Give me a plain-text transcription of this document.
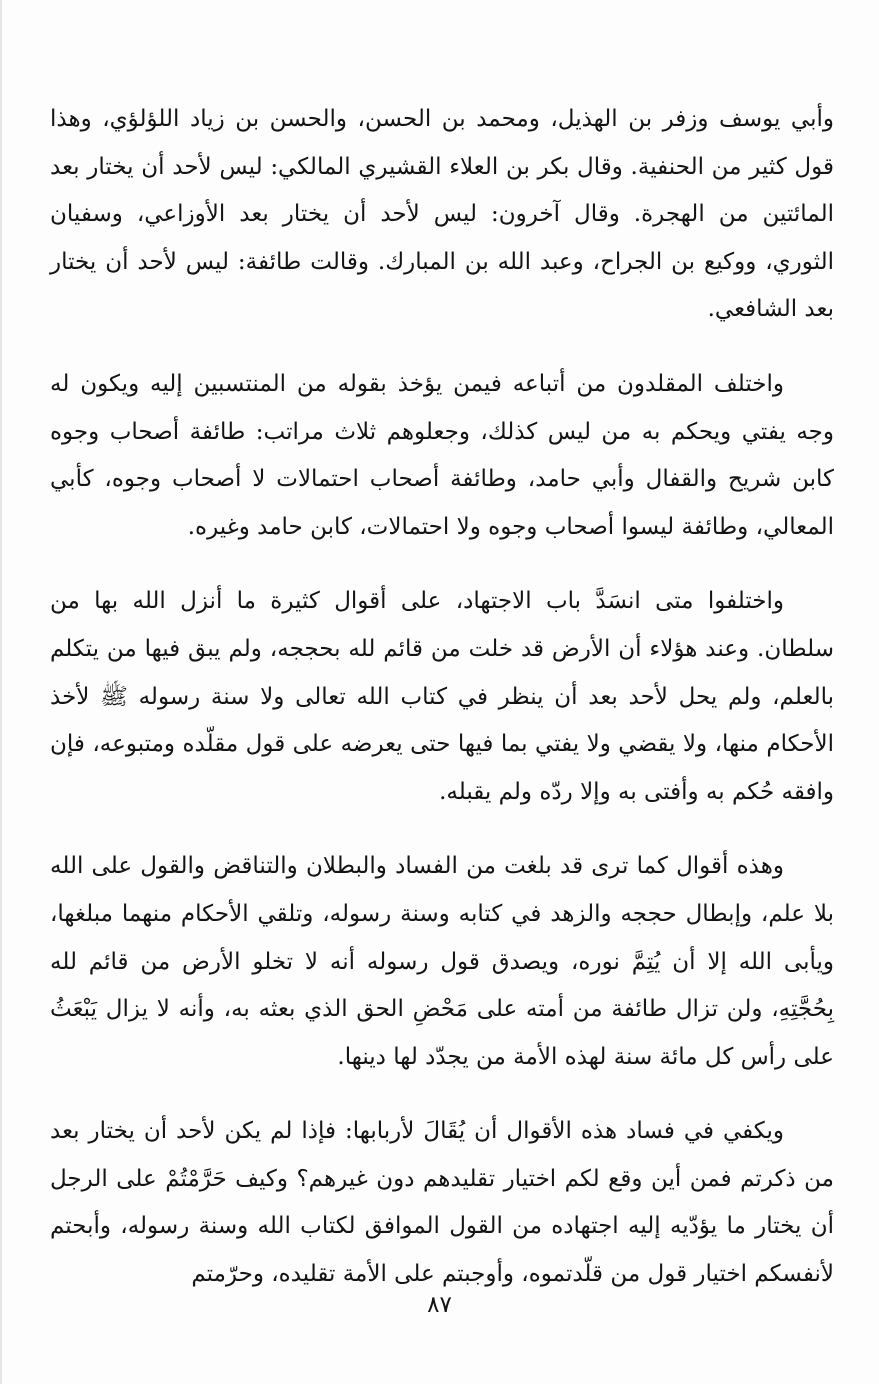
وأبي يوسف وزفر بن الهذيل، ومحمد بن الحسن، والحسن بن زياد اللؤلؤي، وهذا قول كثير من الحنفية. وقال بكر بن العلاء القشيري المالكي: ليس لأحد أن يختار بعد المائتين من الهجرة. وقال آخرون: ليس لأحد أن يختار بعد الأوزاعي، وسفيان الثوري، ووكيع بن الجراح، وعبد الله بن المبارك. وقالت طائفة: ليس لأحد أن يختار بعد الشافعي.

واختلف المقلدون من أتباعه فيمن يؤخذ بقوله من المنتسبين إليه ويكون له وجه يفتي ويحكم به من ليس كذلك، وجعلوهم ثلاث مراتب: طائفة أصحاب وجوه كابن شريح والقفال وأبي حامد، وطائفة أصحاب احتمالات لا أصحاب وجوه، كأبي المعالي، وطائفة ليسوا أصحاب وجوه ولا احتمالات، كابن حامد وغيره.

واختلفوا متى انسَدَّ باب الاجتهاد، على أقوال كثيرة ما أنزل الله بها من سلطان. وعند هؤلاء أن الأرض قد خلت من قائم لله بحججه، ولم يبق فيها من يتكلم بالعلم، ولم يحل لأحد بعد أن ينظر في كتاب الله تعالى ولا سنة رسوله ﷺ لأخذ الأحكام منها، ولا يقضي ولا يفتي بما فيها حتى يعرضه على قول مقلّده ومتبوعه، فإن وافقه حُكم به وأفتى به وإلا ردّه ولم يقبله.

وهذه أقوال كما ترى قد بلغت من الفساد والبطلان والتناقض والقول على الله بلا علم، وإبطال حججه والزهد في كتابه وسنة رسوله، وتلقي الأحكام منهما مبلغها، ويأبى الله إلا أن يُتِمَّ نوره، ويصدق قول رسوله أنه لا تخلو الأرض من قائم لله بِحُجَّتِهِ، ولن تزال طائفة من أمته على مَحْضِ الحق الذي بعثه به، وأنه لا يزال يَبْعَثُ على رأس كل مائة سنة لهذه الأمة من يجدّد لها دينها.

ويكفي في فساد هذه الأقوال أن يُقَالَ لأربابها: فإذا لم يكن لأحد أن يختار بعد من ذكرتم فمن أين وقع لكم اختيار تقليدهم دون غيرهم؟ وكيف حَرَّمْتُمْ على الرجل أن يختار ما يؤدّيه إليه اجتهاده من القول الموافق لكتاب الله وسنة رسوله، وأبحتم لأنفسكم اختيار قول من قلّدتموه، وأوجبتم على الأمة تقليده، وحرّمتم

٨٧
